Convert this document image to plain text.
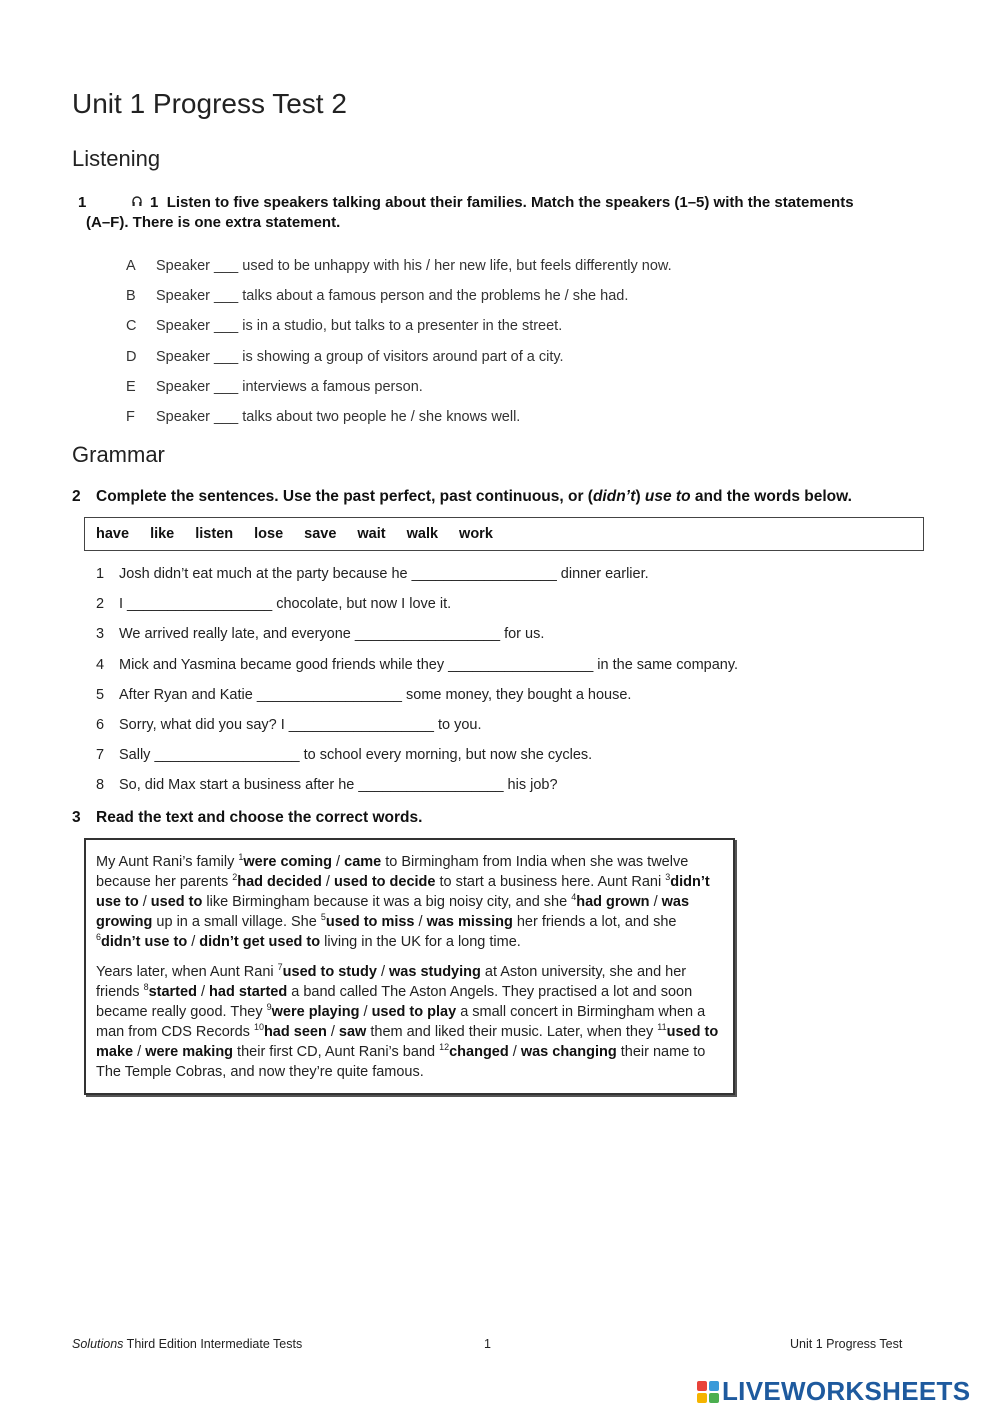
Unit 1 Progress Test 2
Listening
1	1 Listen to five speakers talking about their families. Match the speakers (1–5) with the statements
(A–F). There is one extra statement.
A	Speaker ___ used to be unhappy with his / her new life, but feels differently now.
B	Speaker ___ talks about a famous person and the problems he / she had.
C	Speaker ___ is in a studio, but talks to a presenter in the street.
D	Speaker ___ is showing a group of visitors around part of a city.
E	Speaker ___ interviews a famous person.
F	Speaker ___ talks about two people he / she knows well.
Grammar
2 Complete the sentences. Use the past perfect, past continuous, or (didn’t) use to and the words below.
have like listen lose save wait walk work
1	Josh didn’t eat much at the party because he __________________ dinner earlier.
2	I __________________ chocolate, but now I love it.
3	We arrived really late, and everyone __________________ for us.
4	Mick and Yasmina became good friends while they __________________ in the same company.
5	After Ryan and Katie __________________ some money, they bought a house.
6	Sorry, what did you say? I __________________ to you.
7	Sally __________________ to school every morning, but now she cycles.
8	So, did Max start a business after he __________________ his job?
3 Read the text and choose the correct words.

My Aunt Rani’s family $^1$were coming / came to Birmingham from India when she was twelve because her parents $^2$had decided / used to decide to start a business here. Aunt Rani $^3$didn’t use to / used to like Birmingham because it was a big noisy city, and she $^4$had grown / was growing up in a small village. She $^5$used to miss / was missing her friends a lot, and she $^6$didn’t use to / didn’t get used to living in the UK for a long time.

Years later, when Aunt Rani $^7$used to study / was studying at Aston university, she and her friends $^8$started / had started a band called The Aston Angels. They practised a lot and soon became really good. They $^9$were playing / used to play a small concert in Birmingham when a man from CDS Records $^{10}$had seen / saw them and liked their music. Later, when they $^{11}$used to make / were making their first CD, Aunt Rani’s band $^{12}$changed / was changing their name to The Temple Cobras, and now they’re quite famous.

Solutions Third Edition Intermediate Tests	1	Unit 1 Progress Test
LIVEWORKSHEETS
